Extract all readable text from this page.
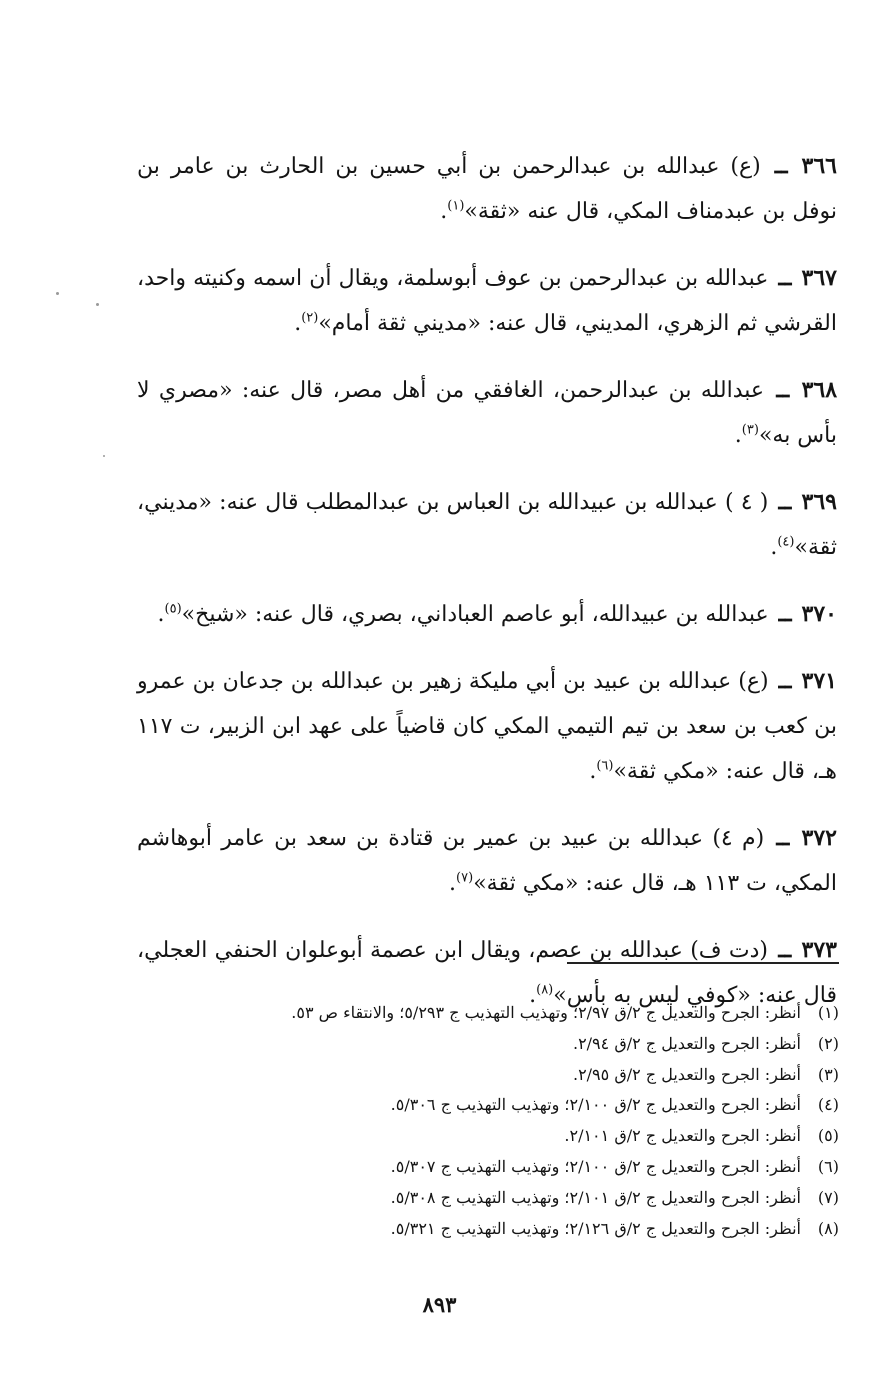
٣٦٦ ــ (ع) عبدالله بن عبدالرحمن بن أبي حسين بن الحارث بن عامر بن نوفل بن عبدمناف المكي، قال عنه «ثقة»$^{(١)}$.

٣٦٧ ــ عبدالله بن عبدالرحمن بن عوف أبوسلمة، ويقال أن اسمه وكنيته واحد، القرشي ثم الزهري، المديني، قال عنه: «مديني ثقة أمام»$^{(٢)}$.

٣٦٨ ــ عبدالله بن عبدالرحمن، الغافقي من أهل مصر، قال عنه: «مصري لا بأس به»$^{(٣)}$.

٣٦٩ ــ ( ٤ ) عبدالله بن عبيدالله بن العباس بن عبدالمطلب قال عنه: «مديني، ثقة»$^{(٤)}$.

٣٧٠ ــ عبدالله بن عبيدالله، أبو عاصم العباداني، بصري، قال عنه: «شيخ»$^{(٥)}$.

٣٧١ ــ (ع) عبدالله بن عبيد بن أبي مليكة زهير بن عبدالله بن جدعان بن عمرو بن كعب بن سعد بن تيم التيمي المكي كان قاضياً على عهد ابن الزبير، ت ١١٧ هـ، قال عنه: «مكي ثقة»$^{(٦)}$.

٣٧٢ ــ (م ٤) عبدالله بن عبيد بن عمير بن قتادة بن سعد بن عامر أبوهاشم المكي، ت ١١٣ هـ، قال عنه: «مكي ثقة»$^{(٧)}$.

٣٧٣ ــ (دت ف) عبدالله بن عصم، ويقال ابن عصمة أبوعلوان الحنفي العجلي، قال عنه: «كوفي ليس به بأس»$^{(٨)}$.

(١)أنظر: الجرح والتعديل ج ٢/ق ٢/٩٧؛ وتهذيب التهذيب ج ٥/٢٩٣؛ والانتقاء ص ٥٣.
(٢)أنظر: الجرح والتعديل ج ٢/ق ٢/٩٤.
(٣)أنظر: الجرح والتعديل ج ٢/ق ٢/٩٥.
(٤)أنظر: الجرح والتعديل ج ٢/ق ٢/١٠٠؛ وتهذيب التهذيب ج ٥/٣٠٦.
(٥)أنظر: الجرح والتعديل ج ٢/ق ٢/١٠١.
(٦)أنظر: الجرح والتعديل ج ٢/ق ٢/١٠٠؛ وتهذيب التهذيب ج ٥/٣٠٧.
(٧)أنظر: الجرح والتعديل ج ٢/ق ٢/١٠١؛ وتهذيب التهذيب ج ٥/٣٠٨.
(٨)أنظر: الجرح والتعديل ج ٢/ق ٢/١٢٦؛ وتهذيب التهذيب ج ٥/٣٢١.
٨٩٣
